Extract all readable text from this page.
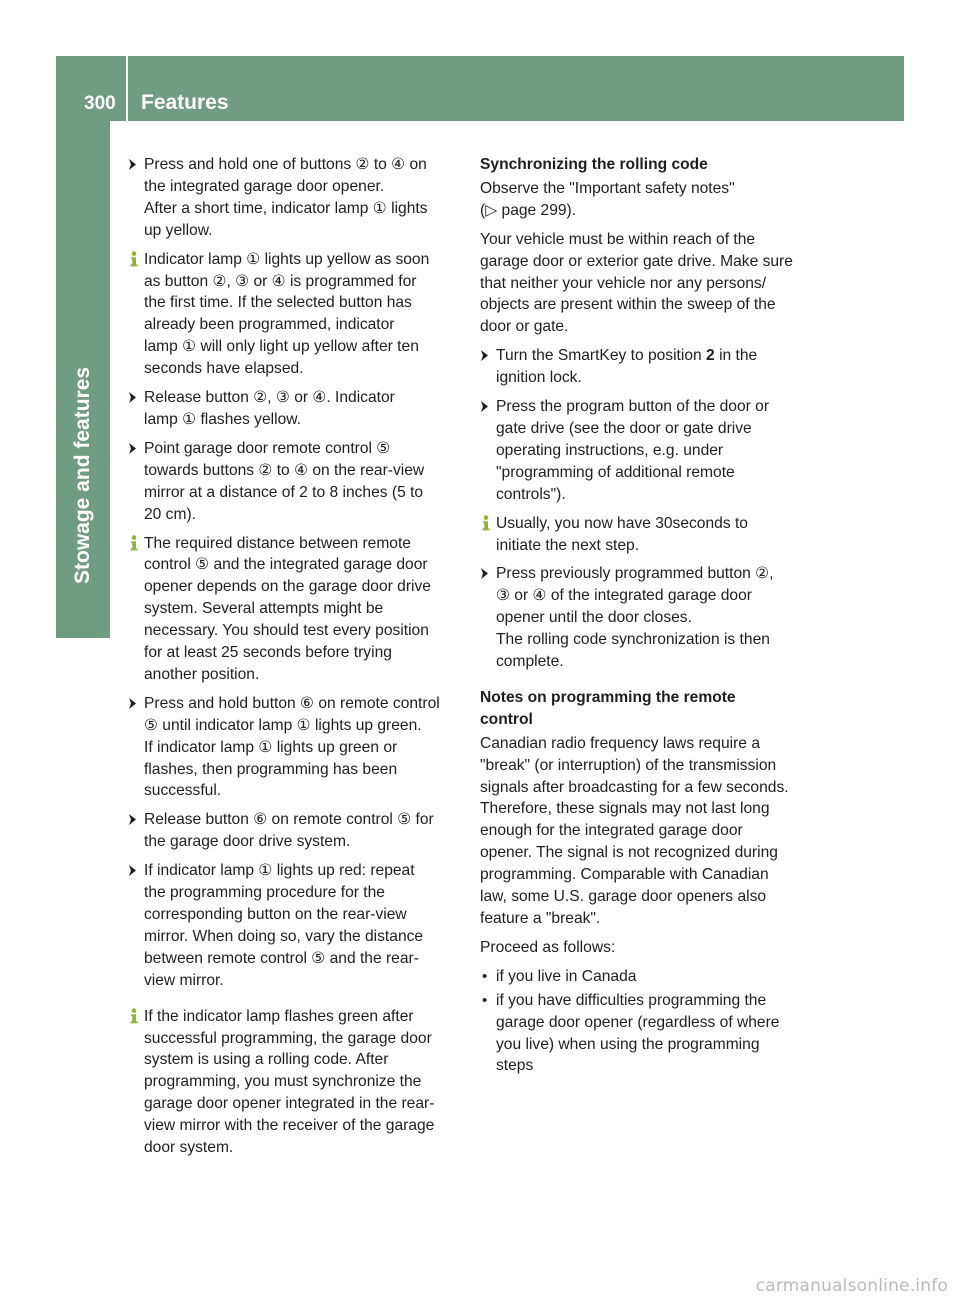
300	Features
Stowage and features
Press and hold one of buttons ② to ④ on
the integrated garage door opener.
After a short time, indicator lamp ① lights
up yellow.
Indicator lamp ① lights up yellow as soon
as button ②, ③ or ④ is programmed for
the first time. If the selected button has
already been programmed, indicator
lamp ① will only light up yellow after ten
seconds have elapsed.
Release button ②, ③ or ④. Indicator
lamp ① flashes yellow.
Point garage door remote control ⑤
towards buttons ② to ④ on the rear-view
mirror at a distance of 2 to 8 inches (5 to
20 cm).
The required distance between remote
control ⑤ and the integrated garage door
opener depends on the garage door drive
system. Several attempts might be
necessary. You should test every position
for at least 25 seconds before trying
another position.
Press and hold button ⑥ on remote control
⑤ until indicator lamp ① lights up green.
If indicator lamp ① lights up green or
flashes, then programming has been
successful.
Release button ⑥ on remote control ⑤ for
the garage door drive system.
If indicator lamp ① lights up red: repeat
the programming procedure for the
corresponding button on the rear-view
mirror. When doing so, vary the distance
between remote control ⑤ and the rear-
view mirror.
If the indicator lamp flashes green after
successful programming, the garage door
system is using a rolling code. After
programming, you must synchronize the
garage door opener integrated in the rear-
view mirror with the receiver of the garage
door system.
Synchronizing the rolling code
Observe the "Important safety notes"
(▷ page 299).
Your vehicle must be within reach of the
garage door or exterior gate drive. Make sure
that neither your vehicle nor any persons/
objects are present within the sweep of the
door or gate.
Turn the SmartKey to position 2 in the
ignition lock.
Press the program button of the door or
gate drive (see the door or gate drive
operating instructions, e.g. under
"programming of additional remote
controls").
Usually, you now have 30seconds to
initiate the next step.
Press previously programmed button ②,
③ or ④ of the integrated garage door
opener until the door closes.
The rolling code synchronization is then
complete.
Notes on programming the remote
control
Canadian radio frequency laws require a
"break" (or interruption) of the transmission
signals after broadcasting for a few seconds.
Therefore, these signals may not last long
enough for the integrated garage door
opener. The signal is not recognized during
programming. Comparable with Canadian
law, some U.S. garage door openers also
feature a "break".
Proceed as follows:
• if you live in Canada
• if you have difficulties programming the
garage door opener (regardless of where
you live) when using the programming
steps
carmanualsonline.info
